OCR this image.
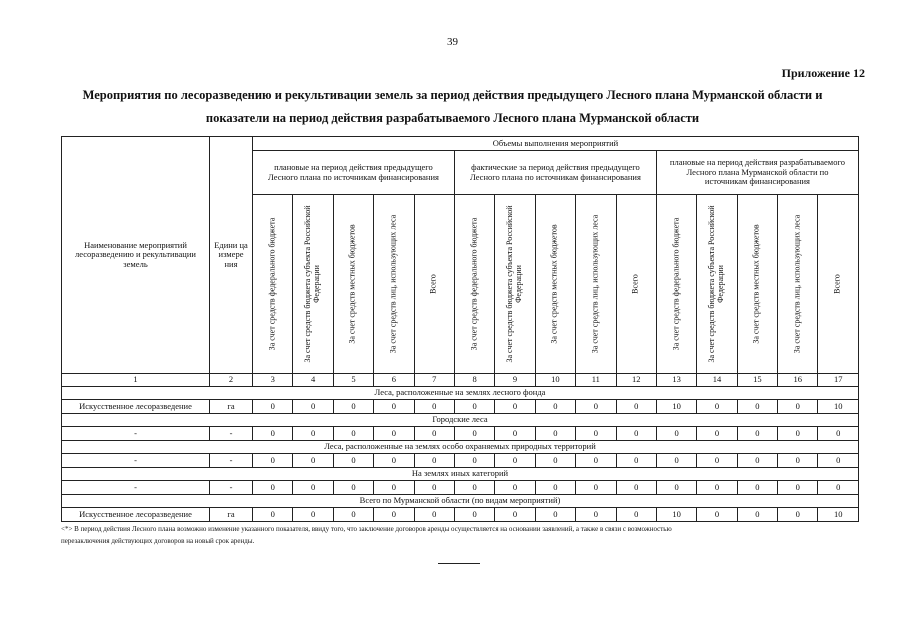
39
Приложение 12
Мероприятия по лесоразведению и рекультивации земель за период действия предыдущего Лесного плана Мурманской области и
показатели на период действия разрабатываемого Лесного плана Мурманской области
Наименование мероприятий лесоразведению и рекультивации земель	Едини ца измере ния	Объемы выполнения мероприятий														
		плановые на период действия предыдущего Лесного плана по источникам финансирования					фактические за период действия предыдущего Лесного плана по источникам финансирования					плановые на период действия разрабатываемого Лесного плана Мурманской области по источникам финансирования				

		За счет средств федерального бюджета	За счет средств бюджета субъекта Российской Федерации	За счет средств местных бюджетов	За счет средств лиц, использующих леса	Всего	За счет средств федерального бюджета	За счет средств бюджета субъекта Российской Федерации	За счет средств местных бюджетов	За счет средств лиц, использующих леса	Всего	За счет средств федерального бюджета	За счет средств бюджета субъекта Российской Федерации	За счет средств местных бюджетов	За счет средств лиц, использующих леса	Всего

1	2	3	4	5	6	7	8	9	10	11	12	13	14	15	16	17
Леса, расположенные на землях лесного фонда																
Искусственное лесоразведение	га	0	0	0	0	0	0	0	0	0	0	10	0	0	0	10
Городские леса																
-	-	0	0	0	0	0	0	0	0	0	0	0	0	0	0	0
Леса, расположенные на землях особо охраняемых природных территорий																
-	-	0	0	0	0	0	0	0	0	0	0	0	0	0	0	0
На землях иных категорий																
-	-	0	0	0	0	0	0	0	0	0	0	0	0	0	0	0
Всего по Мурманской области (по видам мероприятий)																
Искусственное лесоразведение	га	0	0	0	0	0	0	0	0	0	0	10	0	0	0	10
<*> В период действия Лесного плана возможно изменение указанного показателя, ввиду того, что заключение договоров аренды осуществляется на основании заявлений, а также в связи с возможностью
перезаключения действующих договоров на новый срок аренды.
